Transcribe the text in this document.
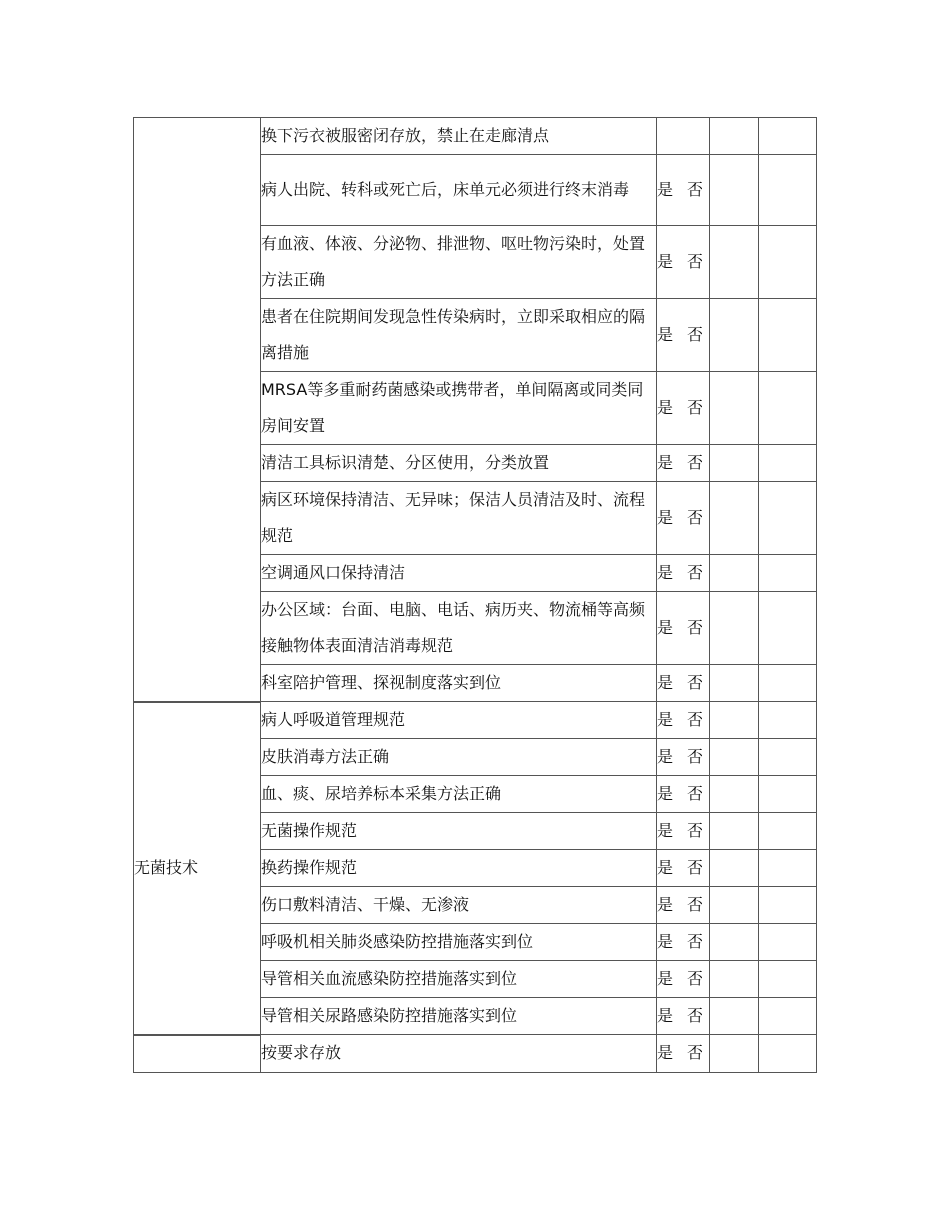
	换下污衣被服密闭存放，禁止在走廊清点			
	病人出院、转科或死亡后，床单元必须进行终末消毒	是 否		
	有血液、体液、分泌物、排泄物、呕吐物污染时，处置方法正确	是 否		
	患者在住院期间发现急性传染病时，立即采取相应的隔离措施	是 否		
	MRSA等多重耐药菌感染或携带者，单间隔离或同类同房间安置	是 否		
	清洁工具标识清楚、分区使用，分类放置	是 否		
	病区环境保持清洁、无异味；保洁人员清洁及时、流程规范	是 否		
	空调通风口保持清洁	是 否		
	办公区域：台面、电脑、电话、病历夹、物流桶等高频接触物体表面清洁消毒规范	是 否		
	科室陪护管理、探视制度落实到位	是 否		
无菌技术	病人呼吸道管理规范	是 否		
	皮肤消毒方法正确	是 否		
	血、痰、尿培养标本采集方法正确	是 否		
	无菌操作规范	是 否		
	换药操作规范	是 否		
	伤口敷料清洁、干燥、无渗液	是 否		
	呼吸机相关肺炎感染防控措施落实到位	是 否		
	导管相关血流感染防控措施落实到位	是 否		
	导管相关尿路感染防控措施落实到位	是 否		
	按要求存放	是 否		
